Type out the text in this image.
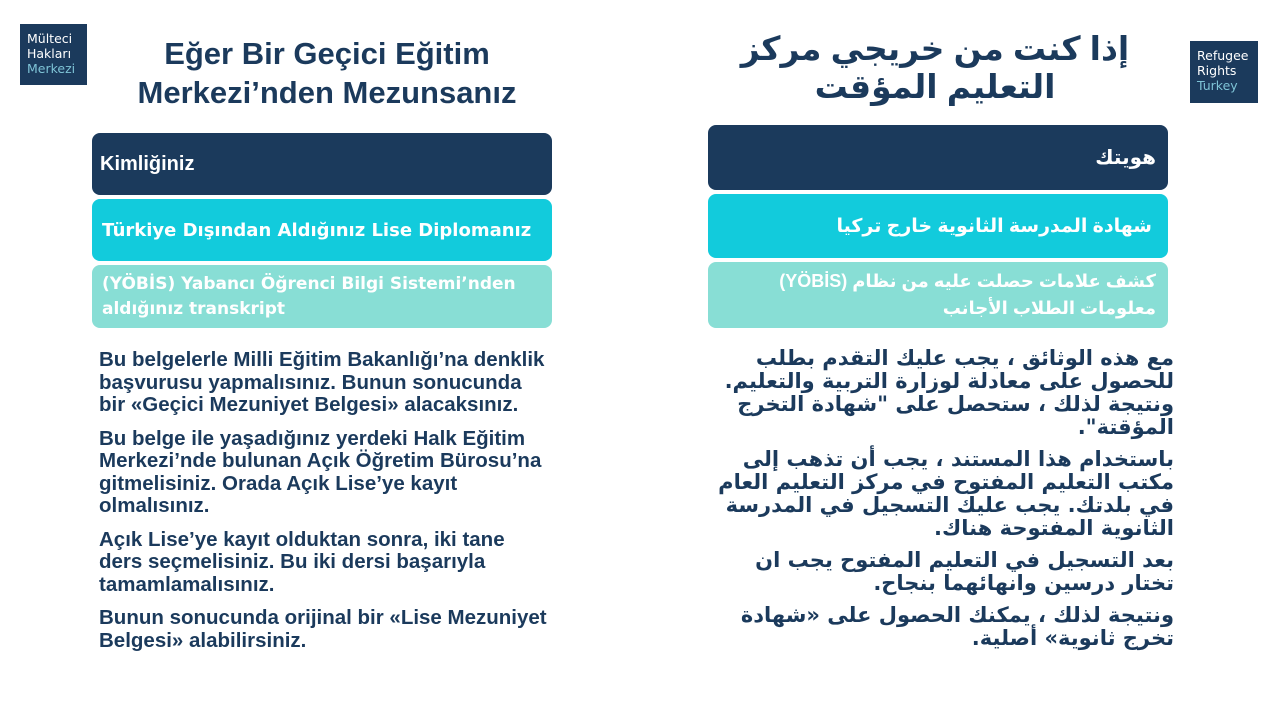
Mülteci
Hakları
Merkezi
Refugee
Rights
Turkey
Eğer Bir Geçici Eğitim Merkezi’nden Mezunsanız
إذا كنت من خريجي مركز التعليم المؤقت
Kimliğiniz
Türkiye Dışından Aldığınız Lise Diplomanız
(YÖBİS) Yabancı Öğrenci Bilgi Sistemi’nden aldığınız transkript
هويتك
شهادة المدرسة الثانوية خارج تركيا
كشف علامات حصلت عليه من نظام (YÖBİS) معلومات الطلاب الأجانب

Bu belgelerle Milli Eğitim Bakanlığı’na denklik başvurusu yapmalısınız. Bunun sonucunda bir «Geçici Mezuniyet Belgesi» alacaksınız.

Bu belge ile yaşadığınız yerdeki Halk Eğitim Merkezi’nde bulunan Açık Öğretim Bürosu’na gitmelisiniz. Orada Açık Lise’ye kayıt olmalısınız.

Açık Lise’ye kayıt olduktan sonra, iki tane ders seçmelisiniz. Bu iki dersi başarıyla tamamlamalısınız.

Bunun sonucunda orijinal bir «Lise Mezuniyet Belgesi» alabilirsiniz.

مع هذه الوثائق ، يجب عليك التقدم بطلب للحصول على معادلة لوزارة التربية والتعليم. ونتيجة لذلك ، ستحصل على "شهادة التخرج المؤقتة".

باستخدام هذا المستند ، يجب أن تذهب إلى مكتب التعليم المفتوح في مركز التعليم العام في بلدتك. يجب عليك التسجيل في المدرسة الثانوية المفتوحة هناك.

بعد التسجيل في التعليم المفتوح يجب ان تختار درسين وانهائهما بنجاح.

ونتيجة لذلك ، يمكنك الحصول على «شهادة تخرج ثانوية» أصلية.
